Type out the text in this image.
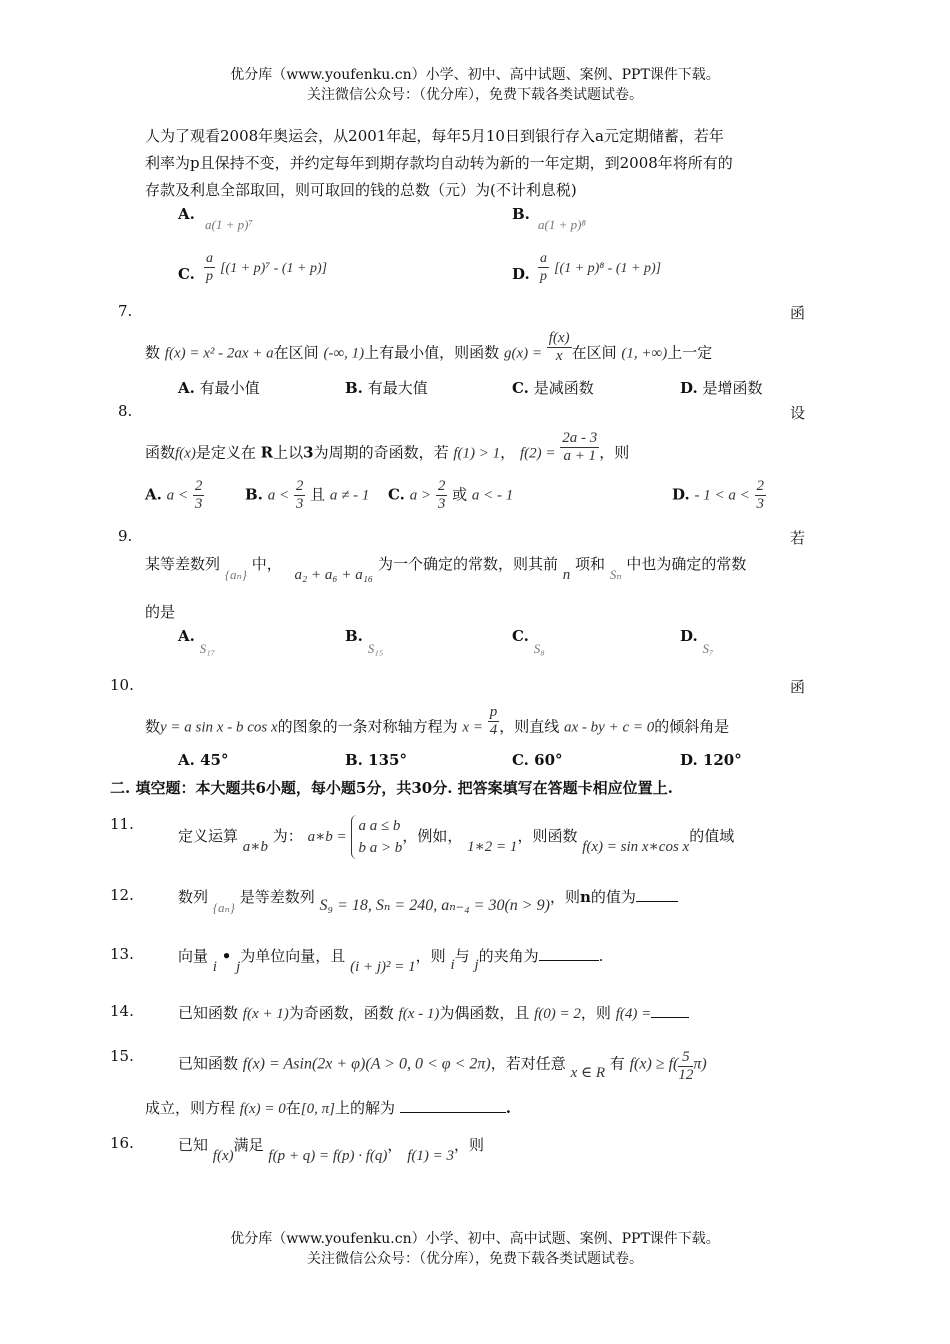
优分库（www.youfenku.cn）小学、初中、高中试题、案例、PPT课件下载。
关注微信公众号：（优分库），免费下载各类试题试卷。
人为了观看2008年奥运会，从2001年起，每年5月10日到银行存入a元定期储蓄，若年
利率为p且保持不变，并约定每年到期存款均自动转为新的一年定期，到2008年将所有的
存款及利息全部取回，则可取回的钱的总数（元）为(不计利息税)
A.
a(1 + p)⁷
B.
a(1 + p)⁸
C. $\frac{a}{p} [(1 + p)^7 - (1 + p)]$	D. $\frac{a}{p} [(1 + p)^8 - (1 + p)]$
7.	函
数 f(x) = x² - 2ax + a在区间 (-∞, 1)上有最小值，则函数 $g(x) = \frac{f(x)}{x}$ 在区间 (1, +∞)上一定
A. 有最小值	B. 有最大值	C. 是减函数	D. 是增函数
8.	设
函数f(x)是定义在 R上以3为周期的奇函数，若 f(1) > 1， $f(2) = \frac{2a - 3}{a + 1}$ ，则
A. $a < \frac{2}{3}$	B. $a < \frac{2}{3}$ 且 a ≠ - 1 C. $a > \frac{2}{3}$ 或 a < - 1	D. - $1 < a < \frac{2}{3}$
9.	若
某等差数列 {aₙ} 中， a₂ + a₆ + a₁₆ 为一个确定的常数，则其前 n 项和 Sₙ 中也为确定的常数
的是
A. S₁₇
B. S₁₅
C. S₈
D. S₇
10.	函
数y = a sin x - b cos x的图象的一条对称轴方程为 $x = \frac{p}{4}$ ，则直线 ax - by + c = 0的倾斜角是
A. 45°	B. 135°	C. 60°	D. 120°
二. 填空题：本大题共6小题，每小题5分，共30分. 把答案填写在答题卡相应位置上.
11.
定义运算 a∗b 为： a∗b =
a a ≤ b
b a > b
，例如， 1∗2 = 1，则函数 f(x) = sin x∗cos x的值域
12.	数列 {aₙ} 是等差数列 S₉ = 18, Sₙ = 240, aₙ₋₄ = 30(n > 9)，则n的值为
13.	向量 i • j为单位向量，且 (i + j)² = 1，则 i与 j的夹角为	.
14.	已知函数 f(x + 1)为奇函数，函数 f(x - 1)为偶函数，且 f(0) = 2，则 f(4) =
15.	已知函数 f(x) = Asin(2x + φ)(A > 0, 0 < φ < 2π)，若对任意 x ∈ R 有 $f(x) \ge f( \frac{5}{12} \pi)$
成立，则方程 f(x) = 0在[0, π]上的解为	.
16.	已知 f(x)满足 f(p + q) = f(p) · f(q)， f(1) = 3，则
优分库（www.youfenku.cn）小学、初中、高中试题、案例、PPT课件下载。
关注微信公众号：（优分库），免费下载各类试题试卷。
